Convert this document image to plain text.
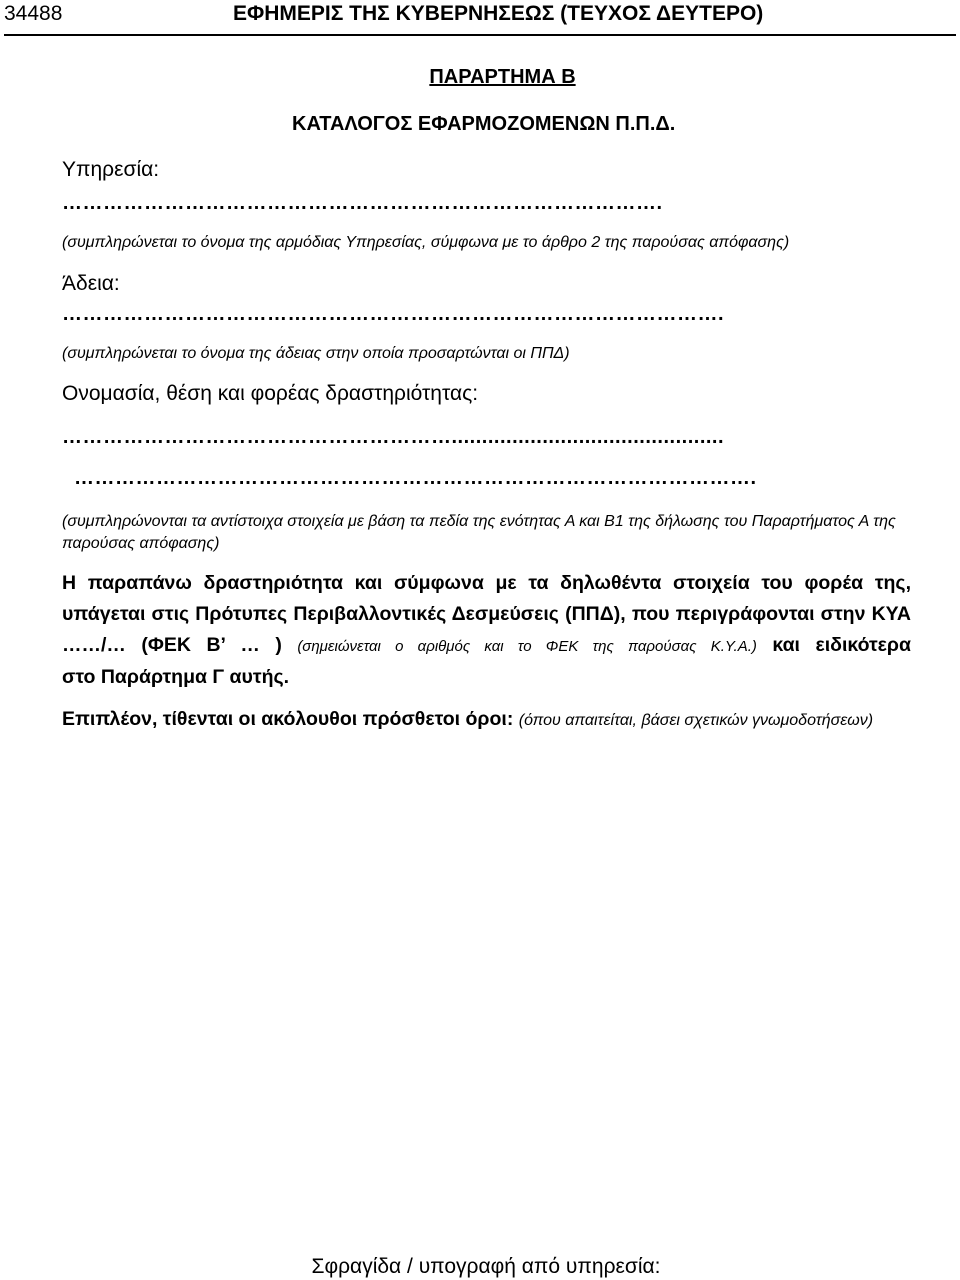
34488	ΕΦΗΜΕΡΙΣ ΤΗΣ ΚΥΒΕΡΝΗΣΕΩΣ (ΤΕΥΧΟΣ ΔΕΥΤΕΡΟ)
ΠΑΡΑΡΤΗΜΑ Β
ΚΑΤΑΛΟΓΟΣ ΕΦΑΡΜΟΖΟΜΕΝΩΝ Π.Π.Δ.
Υπηρεσία:
…………………………………………………………………………….
(συμπληρώνεται το όνομα της αρμόδιας Υπηρεσίας, σύμφωνα με το άρθρο 2 της παρούσας απόφασης)
Άδεια:
…………………………………………………………………………………….
(συμπληρώνεται το όνομα της άδειας στην οποία προσαρτώνται οι ΠΠΔ)
Ονομασία, θέση και φορέας δραστηριότητας:
………………………………………………….............................................
……………………………………………………………………………………….
(συμπληρώνονται τα αντίστοιχα στοιχεία με βάση τα πεδία της ενότητας Α και Β1 της δήλωσης του Παραρτήματος Α της παρούσας απόφασης)
Η παραπάνω δραστηριότητα και σύμφωνα με τα δηλωθέντα στοιχεία του φορέα της, υπάγεται στις Πρότυπες Περιβαλλοντικές Δεσμεύσεις (ΠΠΔ), που περιγράφονται στην ΚΥΑ ……/… (ΦΕΚ Β’ … ) (σημειώνεται ο αριθμός και το ΦΕΚ της παρούσας Κ.Υ.Α.) και ειδικότερα
στο Παράρτημα Γ αυτής.
Επιπλέον, τίθενται οι ακόλουθοι πρόσθετοι όροι: (όπου απαιτείται, βάσει σχετικών γνωμοδοτήσεων)
Σφραγίδα / υπογραφή από υπηρεσία:
